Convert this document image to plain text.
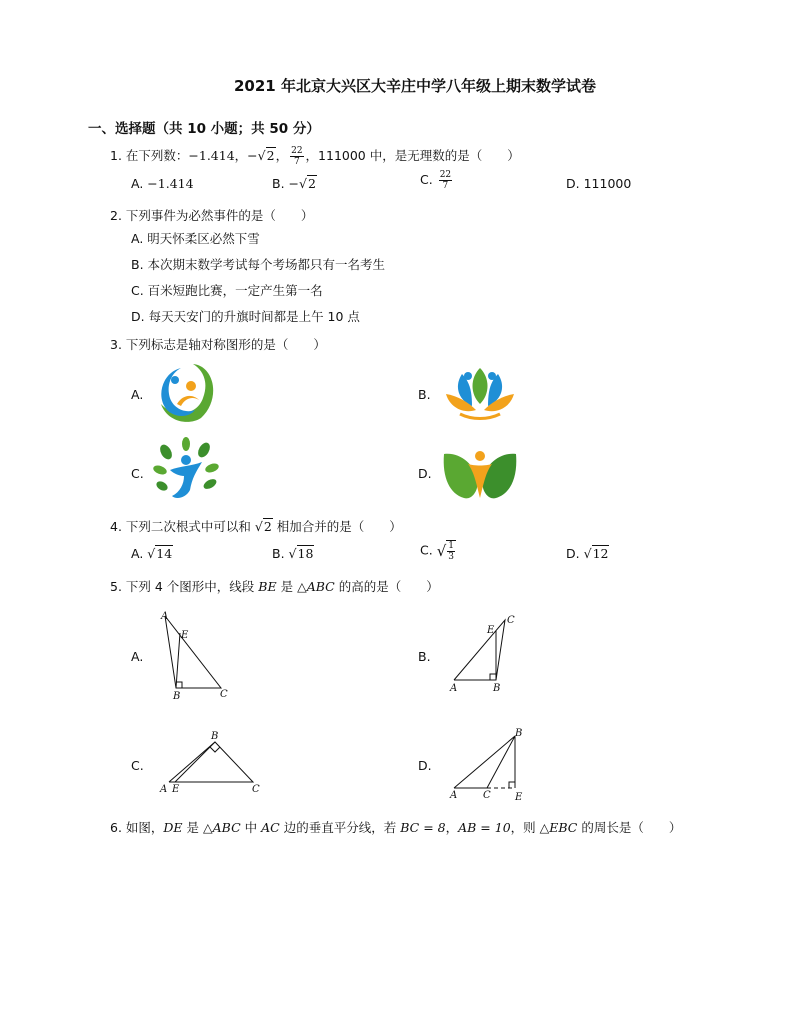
2021 年北京大兴区大辛庄中学八年级上期末数学试卷
一、选择题（共 10 小题；共 50 分）
1. 在下列数：−1.414，−√2， $\frac{22}{7}$ ，111000 中，是无理数的是（　　）
A. −1.414	B. −√2	C. $\frac{22}{7}$	D. 111000
2. 下列事件为必然事件的是（　　）
A. 明天怀柔区必然下雪
B. 本次期末数学考试每个考场都只有一名考生
C. 百米短跑比赛，一定产生第一名
D. 每天天安门的升旗时间都是上午 10 点
3. 下列标志是轴对称图形的是（　　）
A.	B.
C.	D.
4. 下列二次根式中可以和 √2 相加合并的是（　　）
A. √14	B. √18	C. √ $\frac{1}{3}$	D. √12
5. 下列 4 个图形中，线段 BE 是 △ABC 的高的是（　　）
A.	B.
C.	D.
A
E
B	C
C
E
A	B
B
A E	C
B
A	C E
6. 如图，DE 是 △ABC 中 AC 边的垂直平分线，若 BC = 8，AB = 10，则 △EBC 的周长是（　　）
